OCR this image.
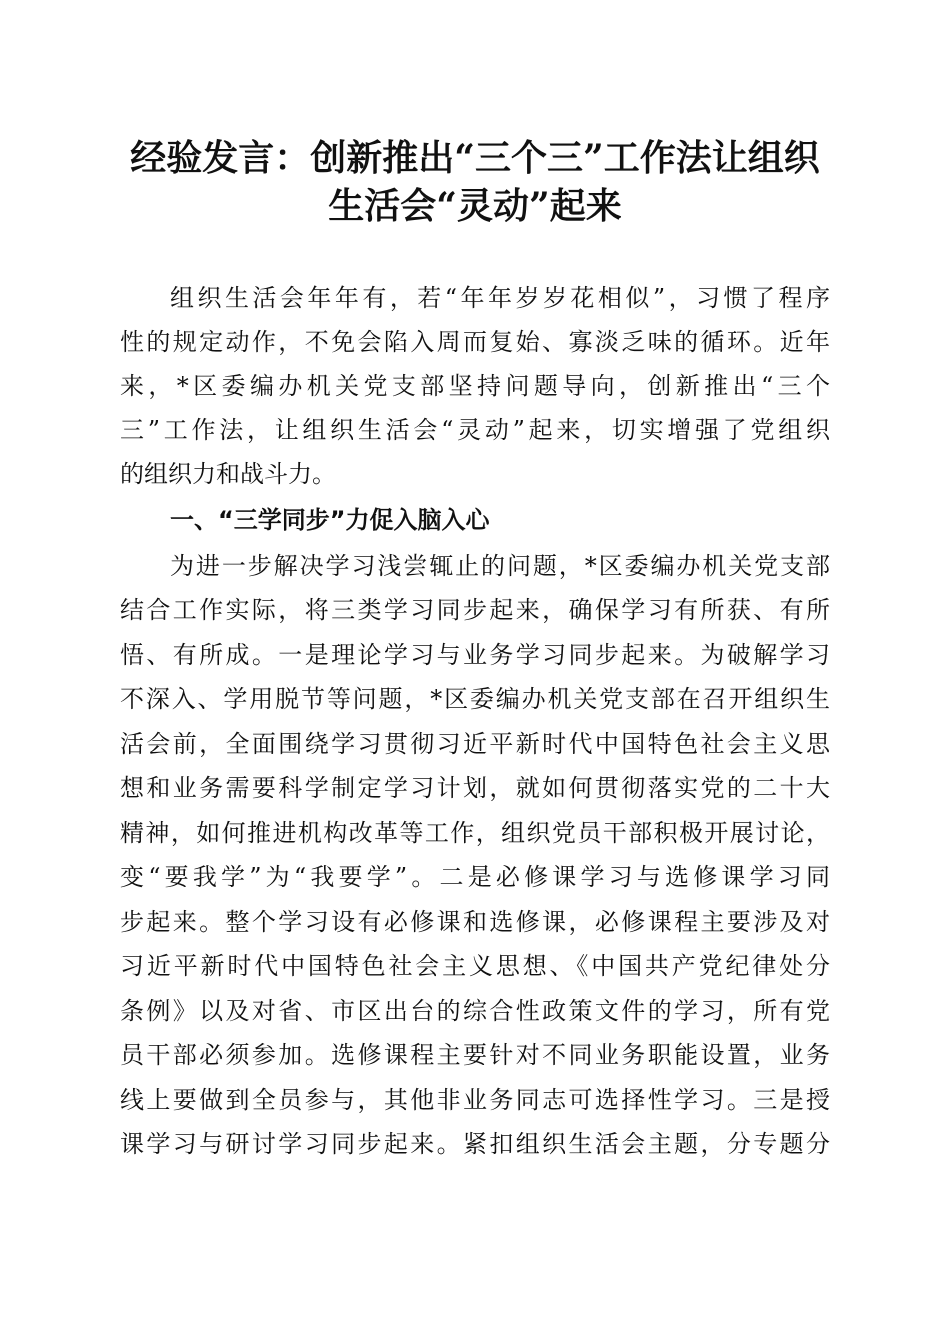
经验发言：创新推出“三个三”工作法让组织
生活会“灵动”起来
组织生活会年年有，若“年年岁岁花相似”，习惯了程序
性的规定动作，不免会陷入周而复始、寡淡乏味的循环。近年
来，*区委编办机关党支部坚持问题导向，创新推出“三个
三”工作法，让组织生活会“灵动”起来，切实增强了党组织
的组织力和战斗力。
一、“三学同步”力促入脑入心
为进一步解决学习浅尝辄止的问题，*区委编办机关党支部
结合工作实际，将三类学习同步起来，确保学习有所获、有所
悟、有所成。一是理论学习与业务学习同步起来。为破解学习
不深入、学用脱节等问题，*区委编办机关党支部在召开组织生
活会前，全面围绕学习贯彻习近平新时代中国特色社会主义思
想和业务需要科学制定学习计划，就如何贯彻落实党的二十大
精神，如何推进机构改革等工作，组织党员干部积极开展讨论，
变“要我学”为“我要学”。二是必修课学习与选修课学习同
步起来。整个学习设有必修课和选修课，必修课程主要涉及对
习近平新时代中国特色社会主义思想、《中国共产党纪律处分
条例》以及对省、市区出台的综合性政策文件的学习，所有党
员干部必须参加。选修课程主要针对不同业务职能设置，业务
线上要做到全员参与，其他非业务同志可选择性学习。三是授
课学习与研讨学习同步起来。紧扣组织生活会主题，分专题分
